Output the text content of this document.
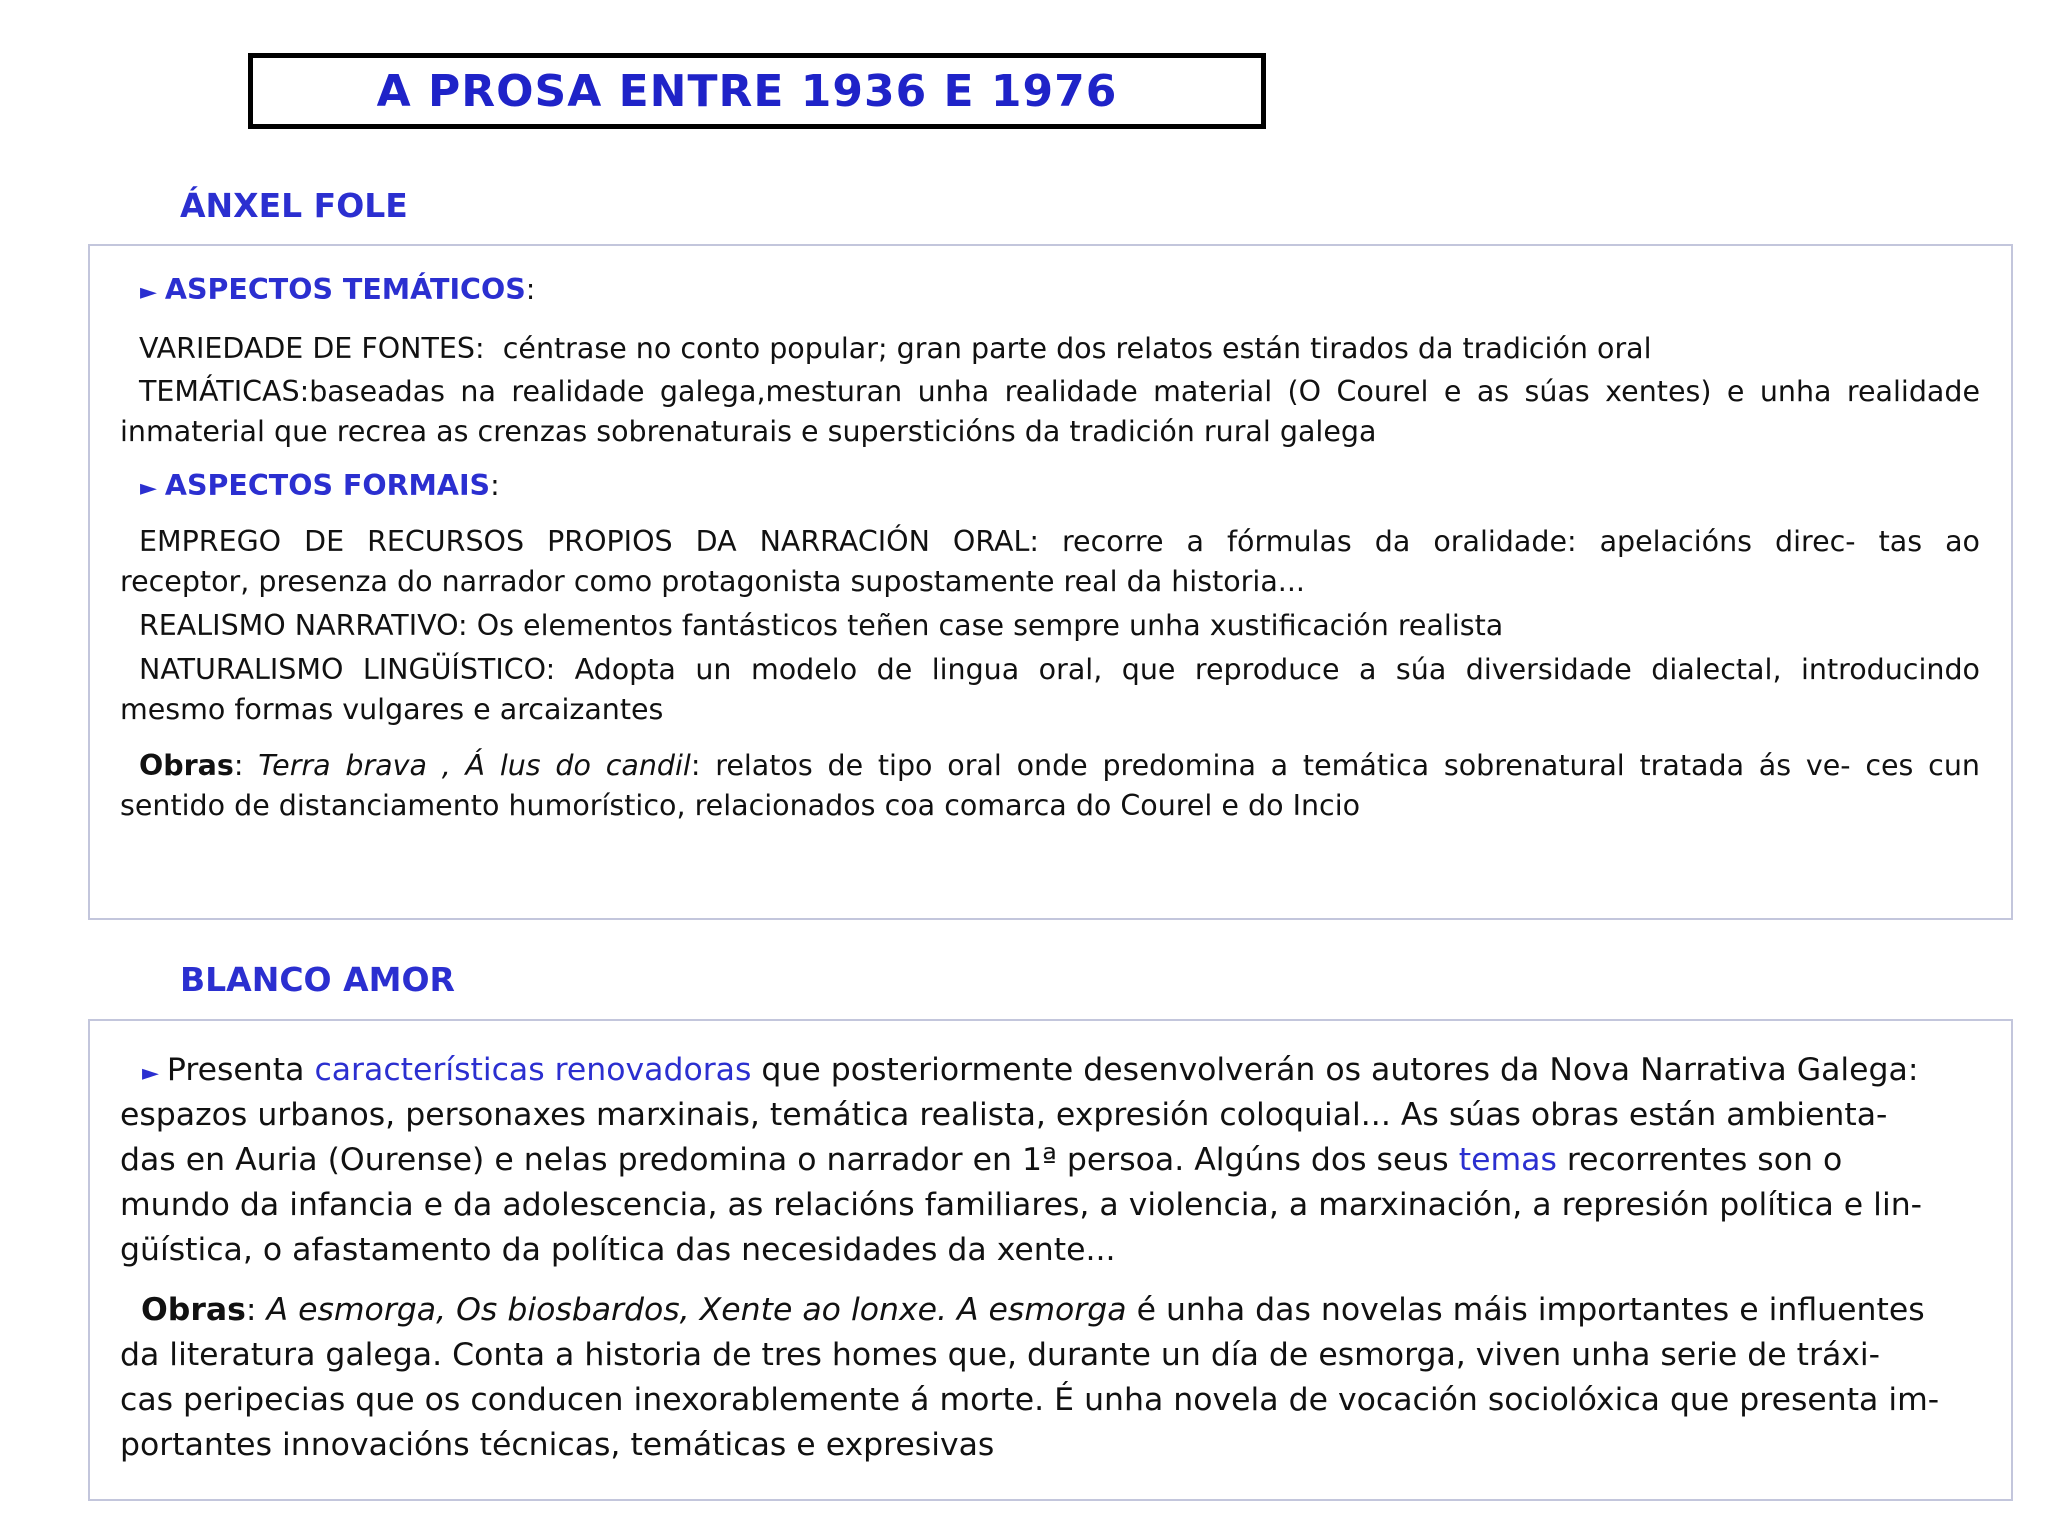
A PROSA ENTRE 1936 E 1976
ÁNXEL FOLE
► ASPECTOS TEMÁTICOS:
VARIEDADE DE FONTES: céntrase no conto popular; gran parte dos relatos están tirados da tradición oral
TEMÁTICAS:baseadas na realidade galega,mesturan unha realidade material (O Courel e as súas xentes) e unha realidade
inmaterial que recrea as crenzas sobrenaturais e supersticións da tradición rural galega
► ASPECTOS FORMAIS:
EMPREGO DE RECURSOS PROPIOS DA NARRACIÓN ORAL: recorre a fórmulas da oralidade: apelacións direc- tas ao
receptor, presenza do narrador como protagonista supostamente real da historia...
REALISMO NARRATIVO: Os elementos fantásticos teñen case sempre unha xustificación realista
NATURALISMO LINGÜÍSTICO: Adopta un modelo de lingua oral, que reproduce a súa diversidade dialectal, introducindo
mesmo formas vulgares e arcaizantes
Obras: Terra brava , Á lus do candil: relatos de tipo oral onde predomina a temática sobrenatural tratada ás ve- ces cun
sentido de distanciamento humorístico, relacionados coa comarca do Courel e do Incio
BLANCO AMOR
► Presenta características renovadoras que posteriormente desenvolverán os autores da Nova Narrativa Galega:
espazos urbanos, personaxes marxinais, temática realista, expresión coloquial... As súas obras están ambienta-
das en Auria (Ourense) e nelas predomina o narrador en 1ª persoa. Algúns dos seus temas recorrentes son o
mundo da infancia e da adolescencia, as relacións familiares, a violencia, a marxinación, a represión política e lin-
güística, o afastamento da política das necesidades da xente...
Obras: A esmorga, Os biosbardos, Xente ao lonxe. A esmorga é unha das novelas máis importantes e influentes
da literatura galega. Conta a historia de tres homes que, durante un día de esmorga, viven unha serie de tráxi-
cas peripecias que os conducen inexorablemente á morte. É unha novela de vocación sociolóxica que presenta im-
portantes innovacións técnicas, temáticas e expresivas
